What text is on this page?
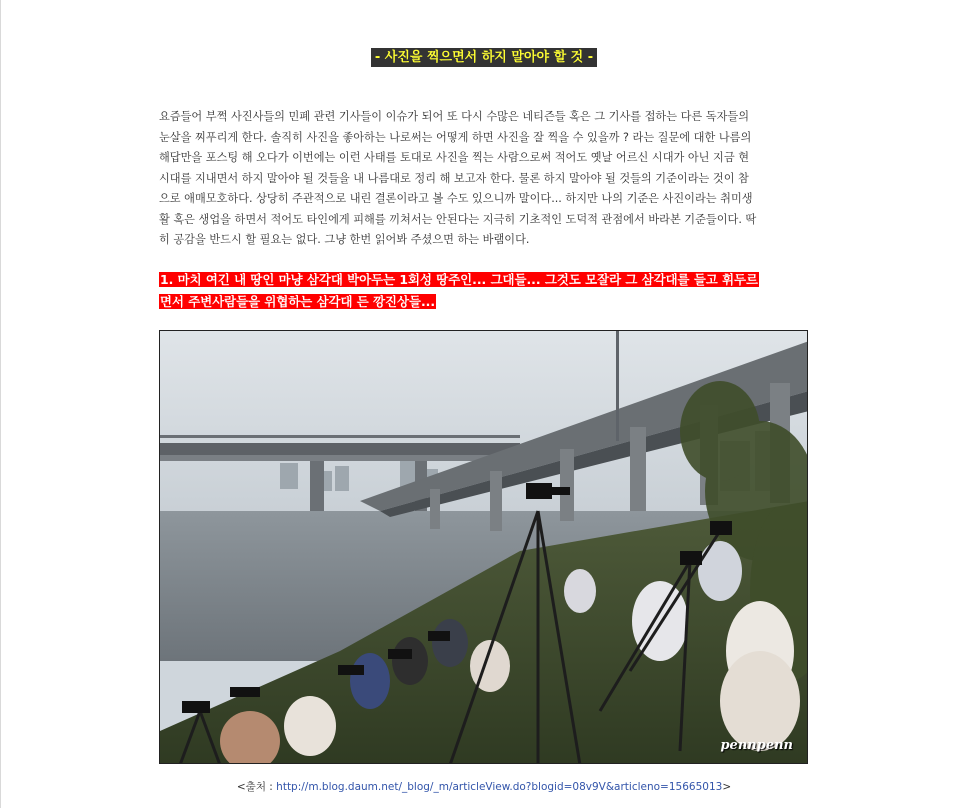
- 사진을 찍으면서 하지 말아야 할 것 -

요즘들어 부쩍 사진사들의 민폐 관련 기사들이 이슈가 되어 또 다시 수많은 네티즌들 혹은 그 기사를 접하는 다른 독자들의
눈살을 찌푸리게 한다. 솔직히 사진을 좋아하는 나로써는 어떻게 하면 사진을 잘 찍을 수 있을까 ? 라는 질문에 대한 나름의
해답만을 포스팅 해 오다가 이번에는 이런 사태를 토대로 사진을 찍는 사람으로써 적어도 옛날 어르신 시대가 아닌 지금 현
시대를 지내면서 하지 말아야 될 것들을 내 나름대로 정리 해 보고자 한다. 물론 하지 말아야 될 것들의 기준이라는 것이 참
으로 애매모호하다. 상당히 주관적으로 내린 결론이라고 볼 수도 있으니까 말이다... 하지만 나의 기준은 사진이라는 취미생
활 혹은 생업을 하면서 적어도 타인에게 피해를 끼쳐서는 안된다는 지극히 기초적인 도덕적 관점에서 바라본 기준들이다. 딱
히 공감을 반드시 할 필요는 없다. 그냥 한번 읽어봐 주셨으면 하는 바램이다.

1. 마치 여긴 내 땅인 마냥 삼각대 박아두는 1회성 땅주인... 그대들... 그것도 모잘라 그 삼각대를 들고 휘두르
면서 주변사람들을 위협하는 삼각대 든 깡진상들...

pennpenn
<출처 : http://m.blog.daum.net/_blog/_m/articleView.do?blogid=08v9V&articleno=15665013>
